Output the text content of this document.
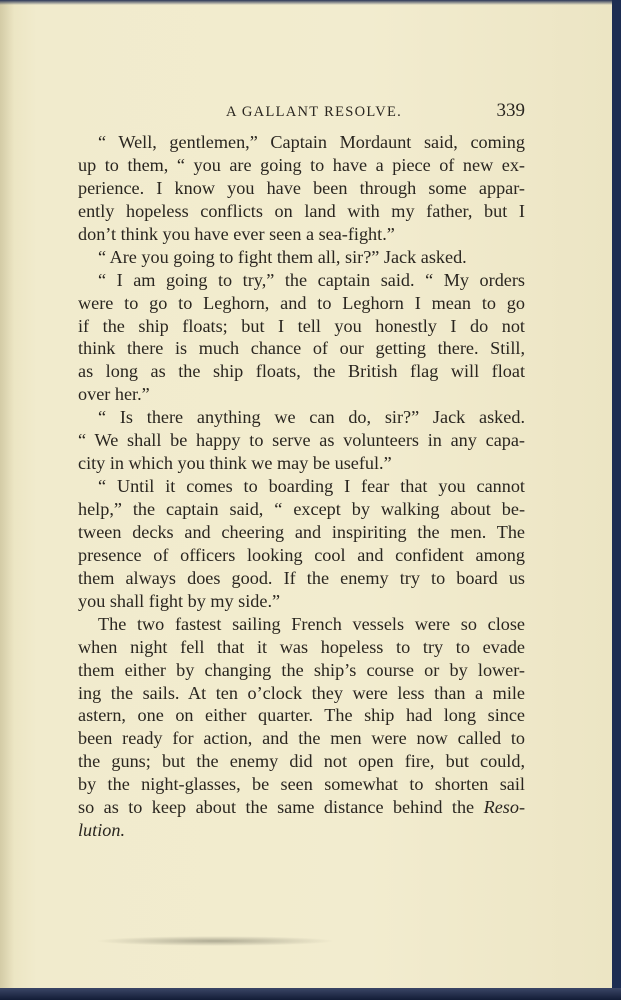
A GALLANT RESOLVE.	339
“ Well, gentlemen,” Captain Mordaunt said, coming
up to them, “ you are going to have a piece of new ex-
perience. I know you have been through some appar-
ently hopeless conflicts on land with my father, but I
don’t think you have ever seen a sea-fight.”
“ Are you going to fight them all, sir?” Jack asked.
“ I am going to try,” the captain said. “ My orders
were to go to Leghorn, and to Leghorn I mean to go
if the ship floats; but I tell you honestly I do not
think there is much chance of our getting there. Still,
as long as the ship floats, the British flag will float
over her.”
“ Is there anything we can do, sir?” Jack asked.
“ We shall be happy to serve as volunteers in any capa-
city in which you think we may be useful.”
“ Until it comes to boarding I fear that you cannot
help,” the captain said, “ except by walking about be-
tween decks and cheering and inspiriting the men. The
presence of officers looking cool and confident among
them always does good. If the enemy try to board us
you shall fight by my side.”
The two fastest sailing French vessels were so close
when night fell that it was hopeless to try to evade
them either by changing the ship’s course or by lower-
ing the sails. At ten o’clock they were less than a mile
astern, one on either quarter. The ship had long since
been ready for action, and the men were now called to
the guns; but the enemy did not open fire, but could,
by the night-glasses, be seen somewhat to shorten sail
so as to keep about the same distance behind the Reso-
lution.
